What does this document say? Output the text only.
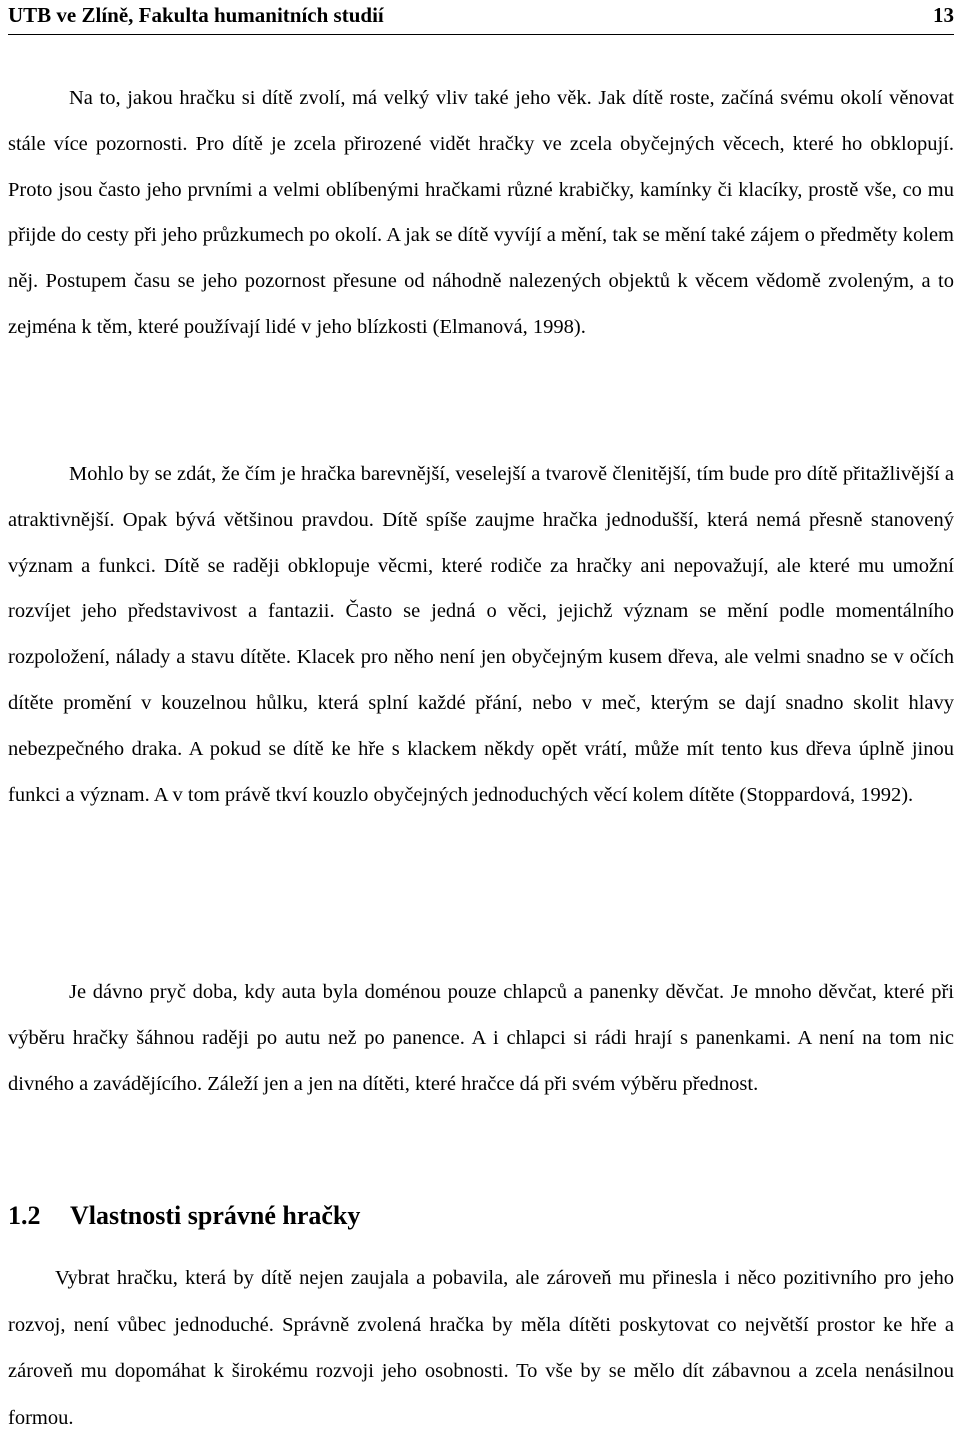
UTB ve Zlíně, Fakulta humanitních studií	13

Na to, jakou hračku si dítě zvolí, má velký vliv také jeho věk. Jak dítě roste, začíná svému okolí věnovat stále více pozornosti. Pro dítě je zcela přirozené vidět hračky ve zcela obyčejných věcech, které ho obklopují. Proto jsou často jeho prvními a velmi oblíbenými hračkami různé krabičky, kamínky či klacíky, prostě vše, co mu přijde do cesty při jeho průzkumech po okolí. A jak se dítě vyvíjí a mění, tak se mění také zájem o předměty kolem něj. Postupem času se jeho pozornost přesune od náhodně nalezených objektů k věcem vědomě zvoleným, a to zejména k těm, které používají lidé v jeho blízkosti (Elmanová, 1998).

Mohlo by se zdát, že čím je hračka barevnější, veselejší a tvarově členitější, tím bude pro dítě přitažlivější a atraktivnější. Opak bývá většinou pravdou. Dítě spíše zaujme hračka jednodušší, která nemá přesně stanovený význam a funkci. Dítě se raději obklopuje věcmi, které rodiče za hračky ani nepovažují, ale které mu umožní rozvíjet jeho představivost a fantazii. Často se jedná o věci, jejichž význam se mění podle momentálního rozpoložení, nálady a stavu dítěte. Klacek pro něho není jen obyčejným kusem dřeva, ale velmi snadno se v očích dítěte promění v kouzelnou hůlku, která splní každé přání, nebo v meč, kterým se dají snadno skolit hlavy nebezpečného draka. A pokud se dítě ke hře s klackem někdy opět vrátí, může mít tento kus dřeva úplně jinou funkci a význam. A v tom právě tkví kouzlo obyčejných jednoduchých věcí kolem dítěte (Stoppardová, 1992).

Je dávno pryč doba, kdy auta byla doménou pouze chlapců a panenky děvčat. Je mnoho děvčat, které při výběru hračky šáhnou raději po autu než po panence. A i chlapci si rádi hrají s panenkami. A není na tom nic divného a zavádějícího. Záleží jen a jen na dítěti, které hračce dá při svém výběru přednost.

1.2 Vlastnosti správné hračky

Vybrat hračku, která by dítě nejen zaujala a pobavila, ale zároveň mu přinesla i něco pozitivního pro jeho rozvoj, není vůbec jednoduché. Správně zvolená hračka by měla dítěti poskytovat co největší prostor ke hře a zároveň mu dopomáhat k širokému rozvoji jeho osobnosti. To vše by se mělo dít zábavnou a zcela nenásilnou formou.
